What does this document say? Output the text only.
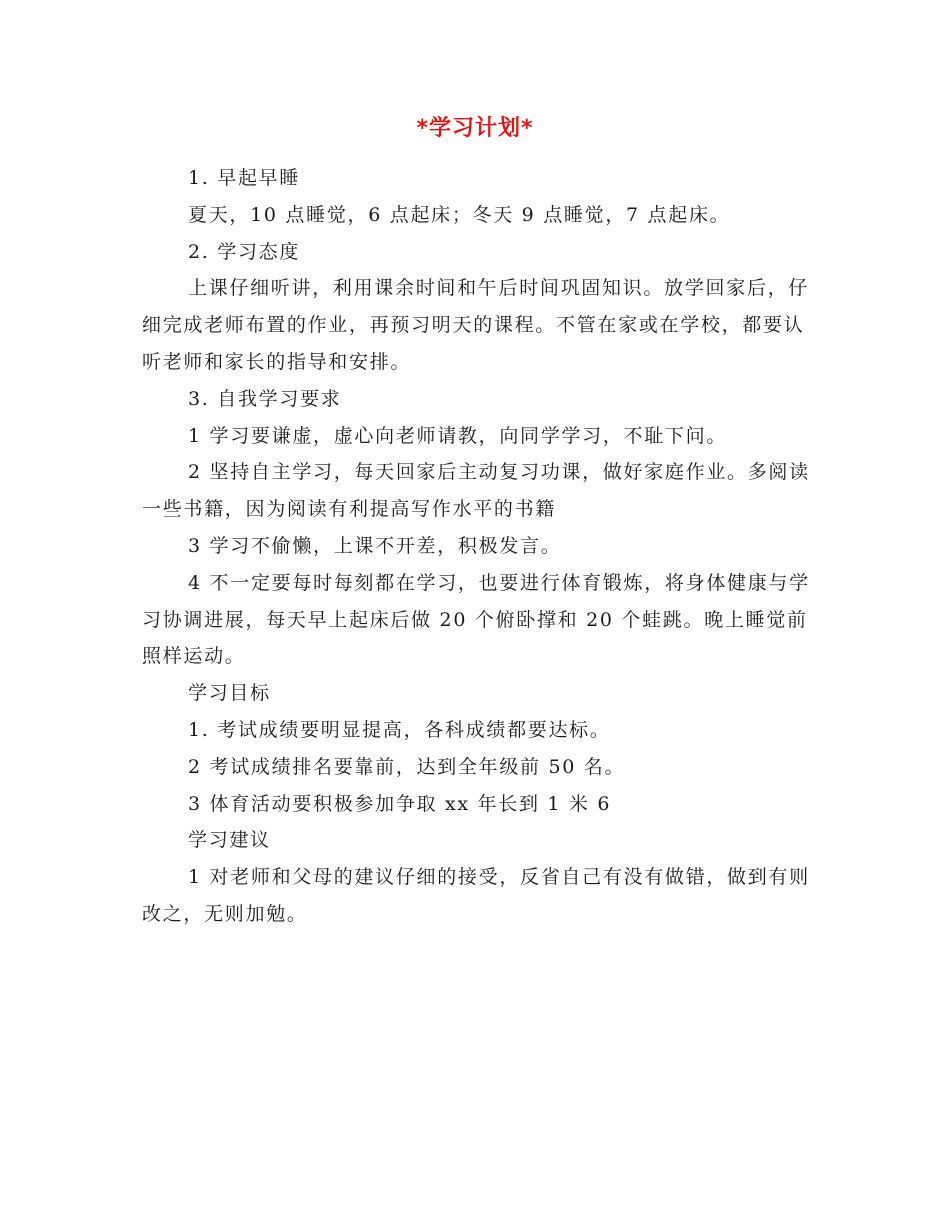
*学习计划*

1. 早起早睡

夏天，10 点睡觉，6 点起床；冬天 9 点睡觉，7 点起床。

2. 学习态度

上课仔细听讲，利用课余时间和午后时间巩固知识。放学回家后，仔细完成老师布置的作业，再预习明天的课程。不管在家或在学校，都要认听老师和家长的指导和安排。

3. 自我学习要求

1 学习要谦虚，虚心向老师请教，向同学学习，不耻下问。

2 坚持自主学习，每天回家后主动复习功课，做好家庭作业。多阅读一些书籍，因为阅读有利提高写作水平的书籍

3 学习不偷懒，上课不开差，积极发言。

4 不一定要每时每刻都在学习，也要进行体育锻炼，将身体健康与学习协调进展，每天早上起床后做 20 个俯卧撑和 20 个蛙跳。晚上睡觉前照样运动。

学习目标

1. 考试成绩要明显提高，各科成绩都要达标。

2 考试成绩排名要靠前，达到全年级前 50 名。

3 体育活动要积极参加争取 xx 年长到 1 米 6

学习建议

1 对老师和父母的建议仔细的接受，反省自己有没有做错，做到有则改之，无则加勉。
